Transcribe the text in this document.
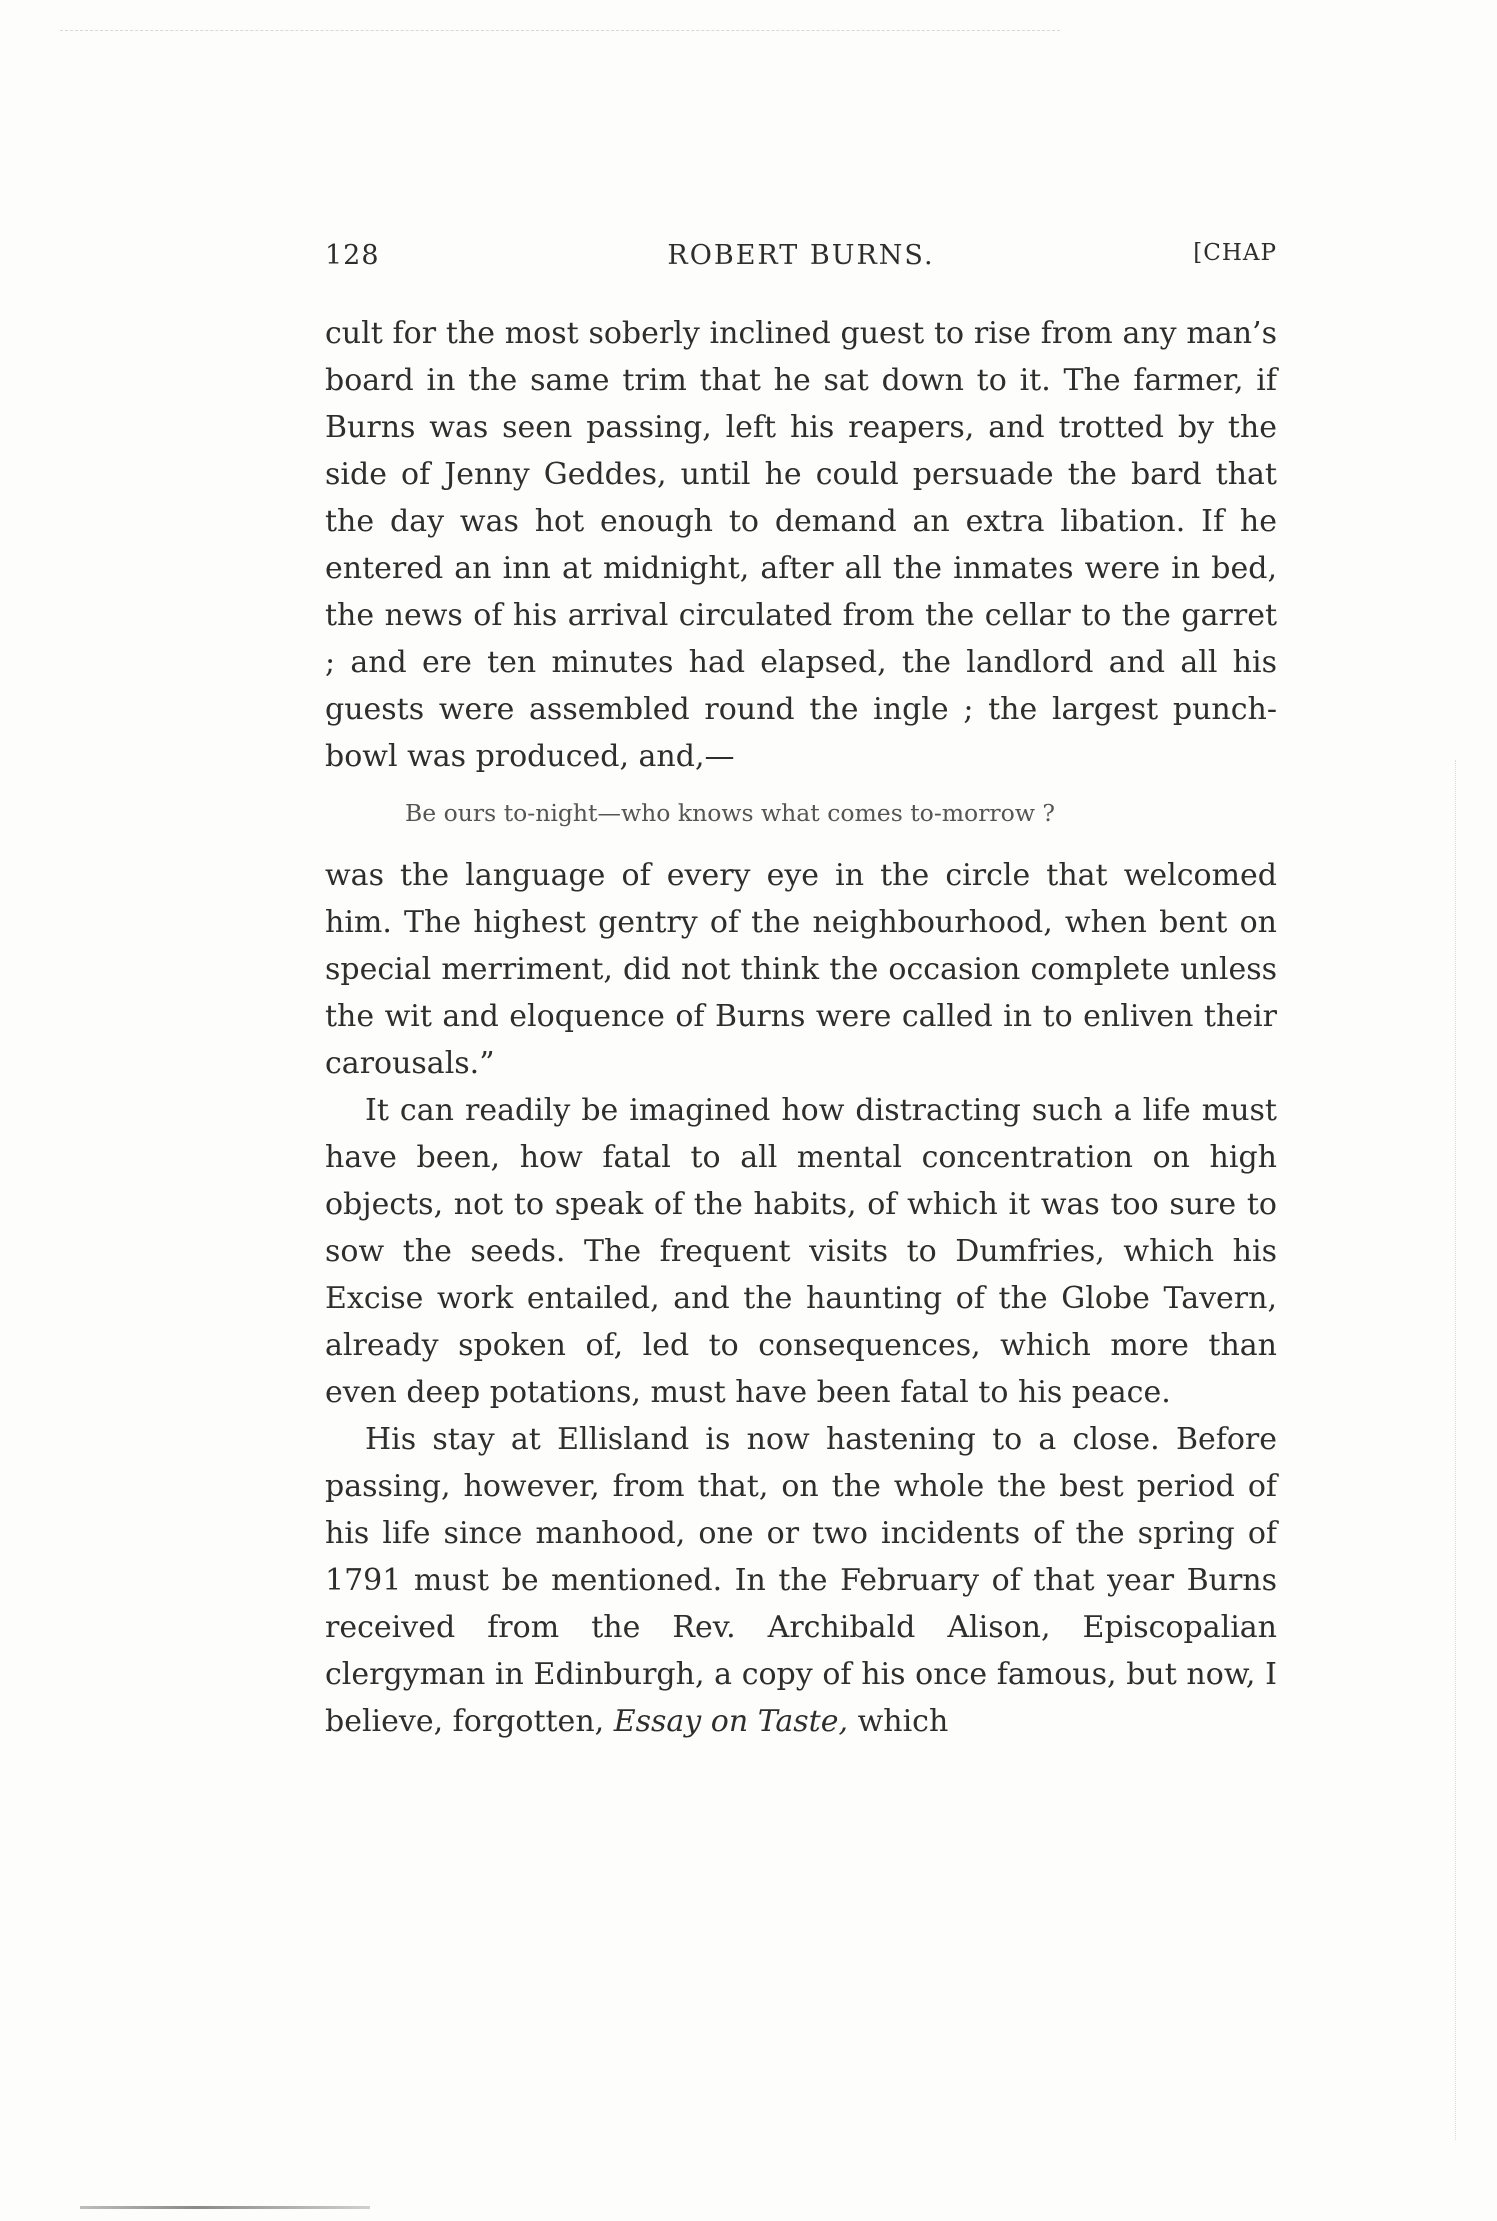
128	ROBERT BURNS.	[CHAP

cult for the most soberly inclined guest to rise from any man’s board in the same trim that he sat down to it. The farmer, if Burns was seen passing, left his reapers, and trotted by the side of Jenny Geddes, until he could persuade the bard that the day was hot enough to demand an extra libation. If he entered an inn at midnight, after all the inmates were in bed, the news of his arrival circulated from the cellar to the garret ; and ere ten minutes had elapsed, the landlord and all his guests were assembled round the ingle ; the largest punch-bowl was produced, and,—

Be ours to-night—who knows what comes to-morrow ?

was the language of every eye in the circle that welcomed him. The highest gentry of the neighbourhood, when bent on special merriment, did not think the occasion complete unless the wit and eloquence of Burns were called in to enliven their carousals.”

It can readily be imagined how distracting such a life must have been, how fatal to all mental concentration on high objects, not to speak of the habits, of which it was too sure to sow the seeds. The frequent visits to Dumfries, which his Excise work entailed, and the haunting of the Globe Tavern, already spoken of, led to consequences, which more than even deep potations, must have been fatal to his peace.

His stay at Ellisland is now hastening to a close. Before passing, however, from that, on the whole the best period of his life since manhood, one or two incidents of the spring of 1791 must be mentioned. In the February of that year Burns received from the Rev. Archibald Alison, Episcopalian clergyman in Edinburgh, a copy of his once famous, but now, I believe, forgotten, Essay on Taste, which
